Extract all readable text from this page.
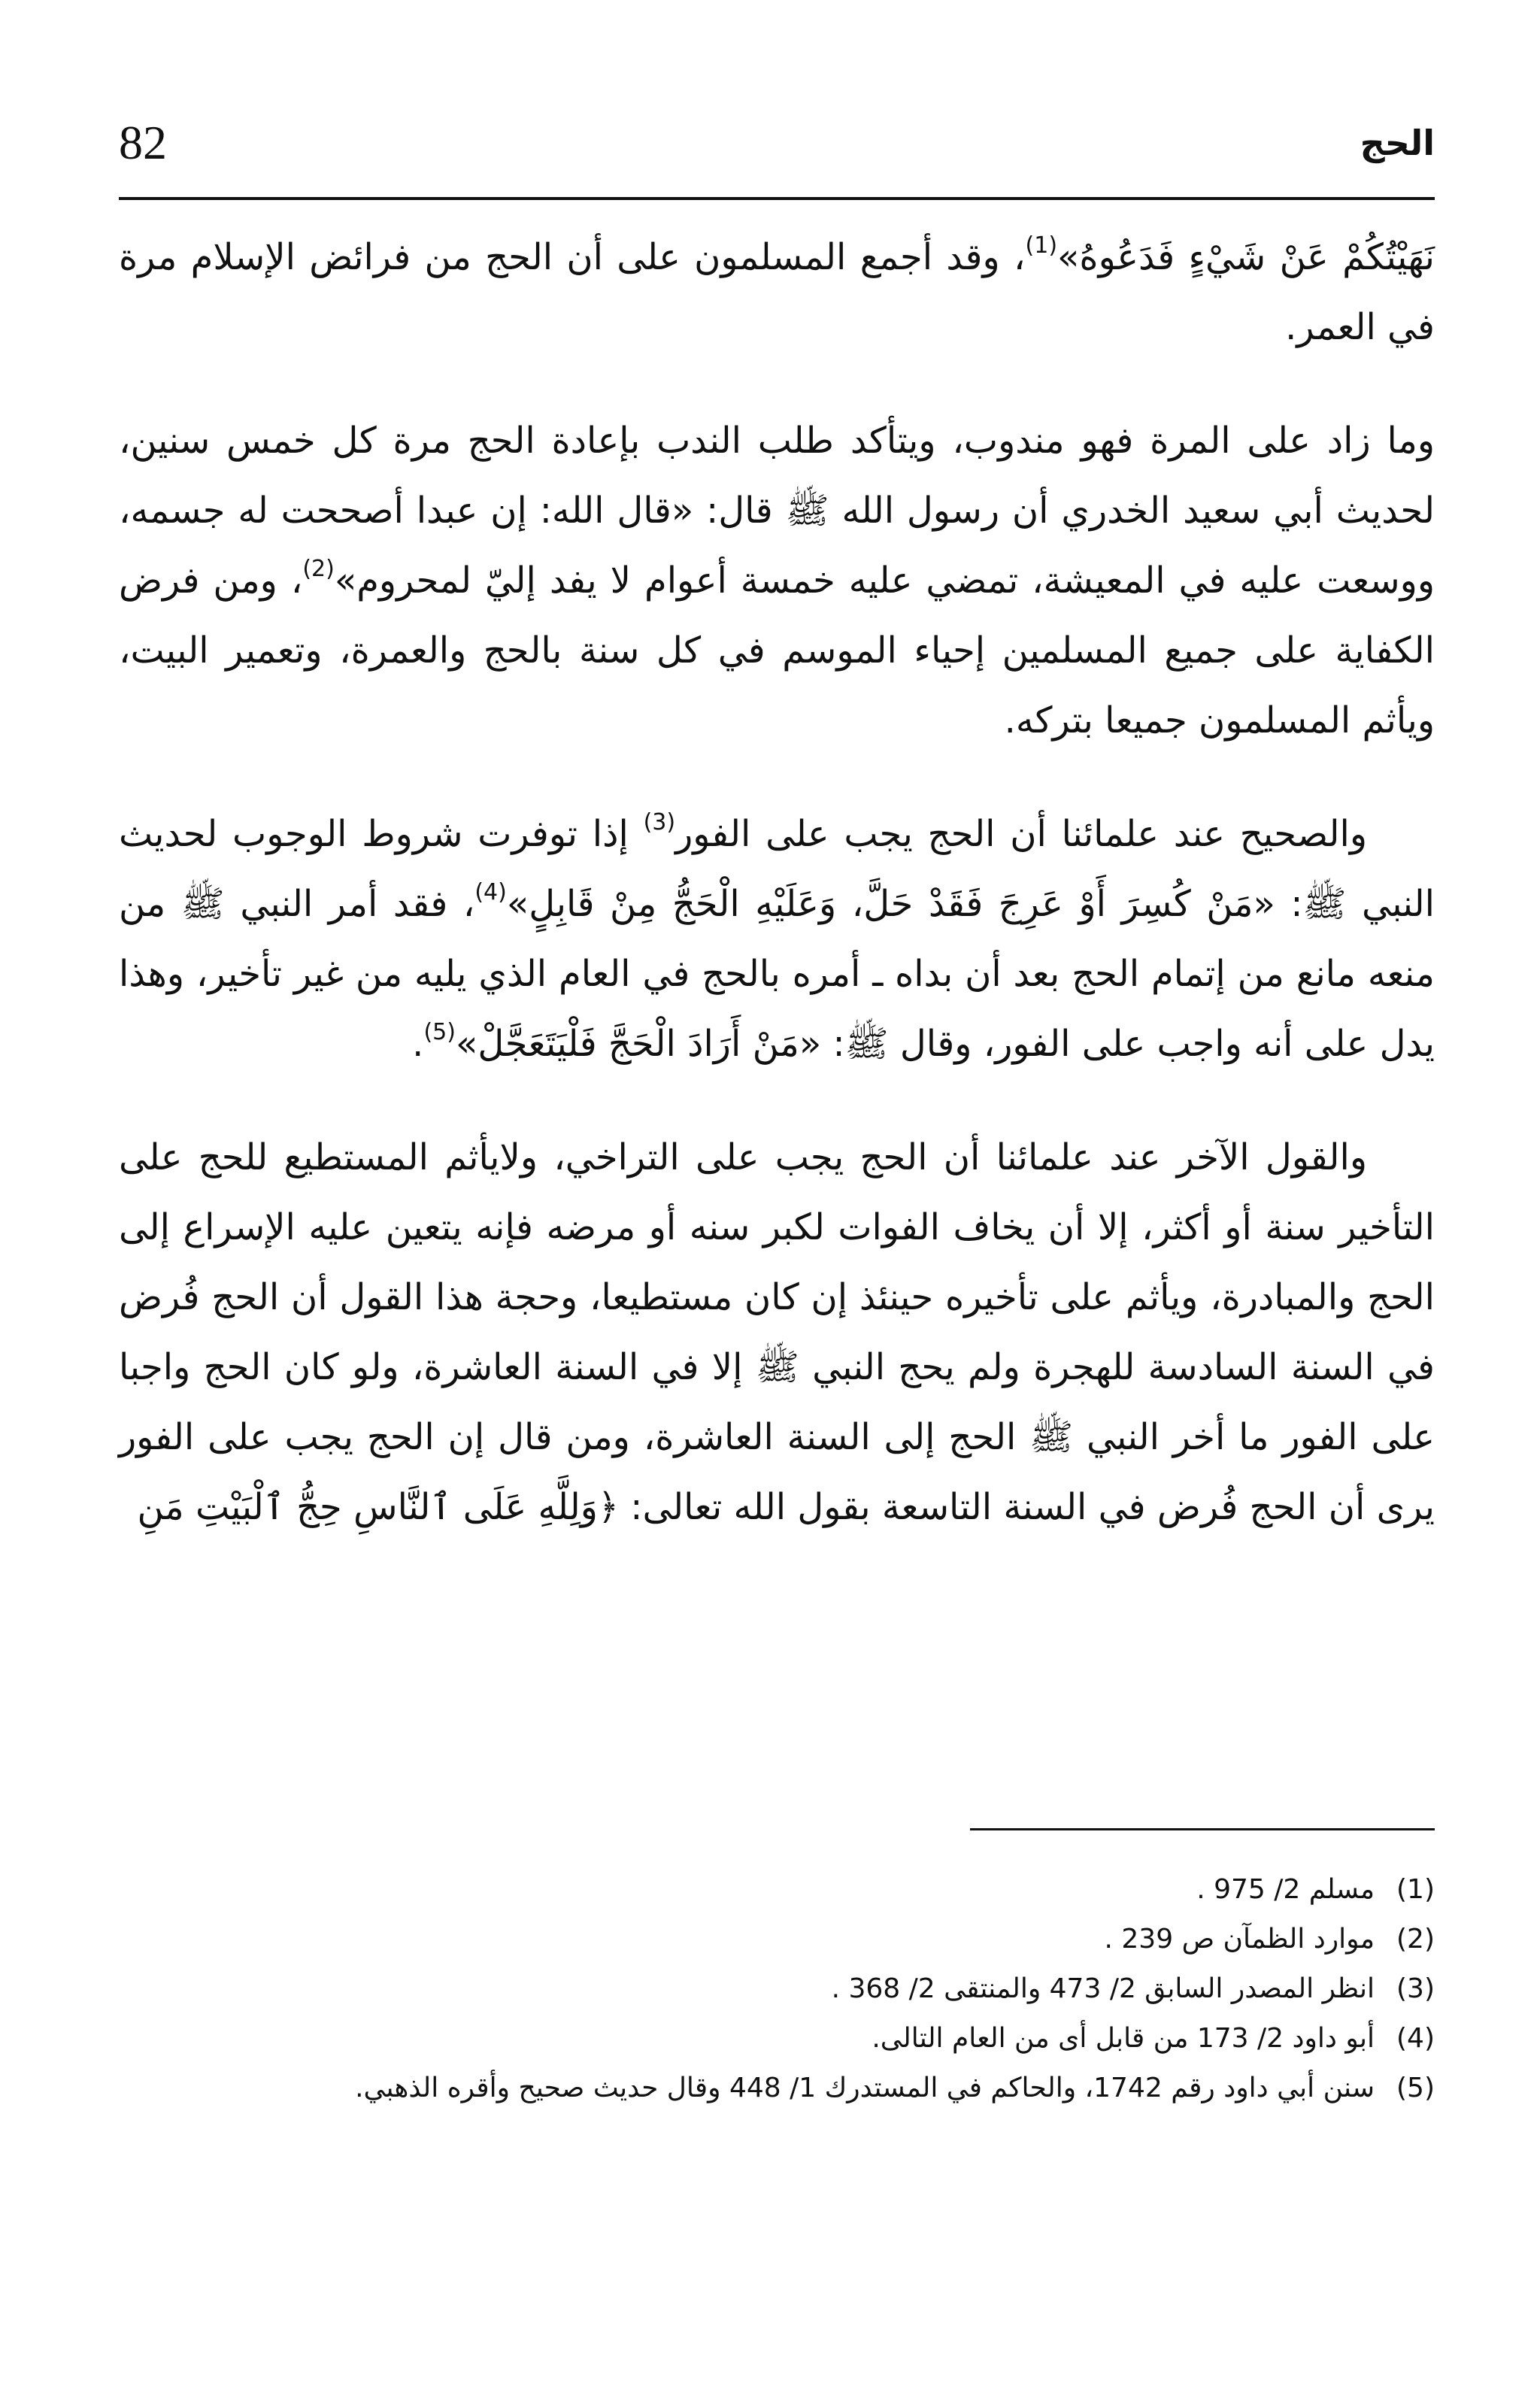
82	الحج

نَهَيْتُكُمْ عَنْ شَيْءٍ فَدَعُوهُ»$^{(1)}$، وقد أجمع المسلمون على أن الحج من فرائض الإسلام مرة في العمر.

وما زاد على المرة فهو مندوب، ويتأكد طلب الندب بإعادة الحج مرة كل خمس سنين، لحديث أبي سعيد الخدري أن رسول الله ﷺ قال: «قال الله: إن عبدا أصححت له جسمه، ووسعت عليه في المعيشة، تمضي عليه خمسة أعوام لا يفد إليّ لمحروم»$^{(2)}$، ومن فرض الكفاية على جميع المسلمين إحياء الموسم في كل سنة بالحج والعمرة، وتعمير البيت، ويأثم المسلمون جميعا بتركه.

والصحيح عند علمائنا أن الحج يجب على الفور$^{(3)}$ إذا توفرت شروط الوجوب لحديث النبي ﷺ: «مَنْ كُسِرَ أَوْ عَرِجَ فَقَدْ حَلَّ، وَعَلَيْهِ الْحَجُّ مِنْ قَابِلٍ»$^{(4)}$، فقد أمر النبي ﷺ من منعه مانع من إتمام الحج بعد أن بداه ـ أمره بالحج في العام الذي يليه من غير تأخير، وهذا يدل على أنه واجب على الفور، وقال ﷺ: «مَنْ أَرَادَ الْحَجَّ فَلْيَتَعَجَّلْ»$^{(5)}$.

والقول الآخر عند علمائنا أن الحج يجب على التراخي، ولايأثم المستطيع للحج على التأخير سنة أو أكثر، إلا أن يخاف الفوات لكبر سنه أو مرضه فإنه يتعين عليه الإسراع إلى الحج والمبادرة، ويأثم على تأخيره حينئذ إن كان مستطيعا، وحجة هذا القول أن الحج فُرض في السنة السادسة للهجرة ولم يحج النبي ﷺ إلا في السنة العاشرة، ولو كان الحج واجبا على الفور ما أخر النبي ﷺ الحج إلى السنة العاشرة، ومن قال إن الحج يجب على الفور يرى أن الحج فُرض في السنة التاسعة بقول الله تعالى: ﴿وَلِلَّهِ عَلَى ٱلنَّاسِ حِجُّ ٱلْبَيْتِ مَنِ

(1)
مسلم 2/ 975 .
(2)
موارد الظمآن ص 239 .
(3)
انظر المصدر السابق 2/ 473 والمنتقى 2/ 368 .
(4)
أبو داود 2/ 173 من قابل أى من العام التالى.
(5)
سنن أبي داود رقم 1742، والحاكم في المستدرك 1/ 448 وقال حديث صحيح وأقره الذهبي.
